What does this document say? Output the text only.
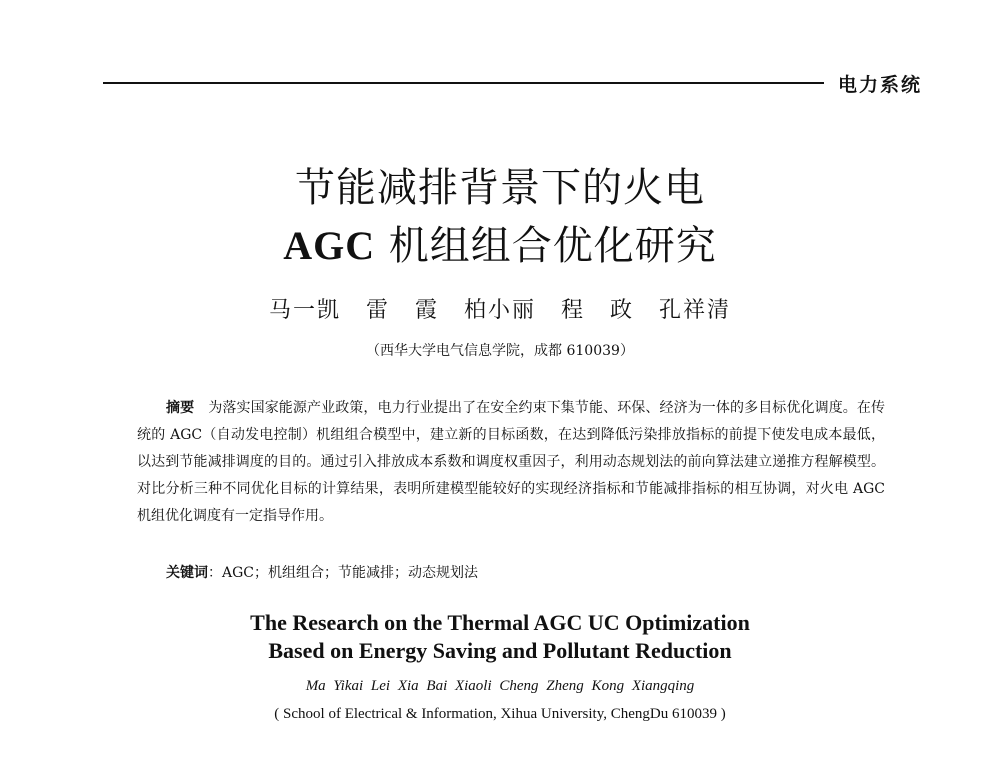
电力系统
节能减排背景下的火电
AGC 机组组合优化研究
马一凯 雷 霞 柏小丽 程 政 孔祥清
（西华大学电气信息学院，成都 610039）
摘要　 为落实国家能源产业政策，电力行业提出了在安全约束下集节能、环保、经济为一体的多目标优化调度。在传统的 AGC（自动发电控制）机组组合模型中，建立新的目标函数，在达到降低污染排放指标的前提下使发电成本最低，以达到节能减排调度的目的。通过引入排放成本系数和调度权重因子，利用动态规划法的前向算法建立递推方程解模型。对比分析三种不同优化目标的计算结果，表明所建模型能较好的实现经济指标和节能减排指标的相互协调，对火电 AGC 机组优化调度有一定指导作用。
关键词：AGC；机组组合；节能减排；动态规划法
The Research on the Thermal AGC UC Optimization
Based on Energy Saving and Pollutant Reduction
Ma Yikai Lei Xia Bai Xiaoli Cheng Zheng Kong Xiangqing
( School of Electrical & Information, Xihua University, ChengDu 610039 )
